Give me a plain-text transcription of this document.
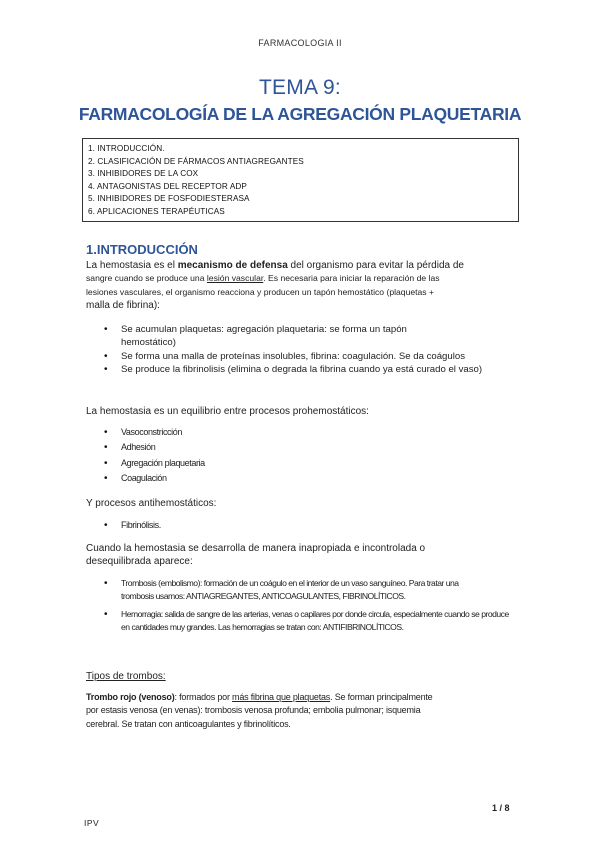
FARMACOLOGIA II
TEMA 9:
FARMACOLOGÍA DE LA AGREGACIÓN PLAQUETARIA
1. INTRODUCCIÓN.
2. CLASIFICACIÓN DE FÁRMACOS ANTIAGREGANTES
3. INHIBIDORES DE LA COX
4. ANTAGONISTAS DEL RECEPTOR ADP
5. INHIBIDORES DE FOSFODIESTERASA
6. APLICACIONES TERAPÉUTICAS
1.INTRODUCCIÓN
La hemostasia es el mecanismo de defensa del organismo para evitar la pérdida de
sangre cuando se produce una lesión vascular. Es necesaria para iniciar la reparación de las
lesiones vasculares, el organismo reacciona y producen un tapón hemostático (plaquetas +
malla de fibrina):
• Se acumulan plaquetas: agregación plaquetaria: se forma un tapón hemostático)
• Se forma una malla de proteínas insolubles, fibrina: coagulación. Se da coágulos
• Se produce la fibrinolisis (elimina o degrada la fibrina cuando ya está curado el vaso)
La hemostasia es un equilibrio entre procesos prohemostáticos:
• Vasoconstricción
• Adhesión
• Agregación plaquetaria
• Coagulación
Y procesos antihemostáticos:
• Fibrinólisis.
Cuando la hemostasia se desarrolla de manera inapropiada e incontrolada o
desequilibrada aparece:
• Trombosis (embolismo): formación de un coágulo en el interior de un vaso sanguíneo. Para tratar una trombosis usamos: ANTIAGREGANTES, ANTICOAGULANTES, FIBRINOLÍTICOS.
• Hemorragia: salida de sangre de las arterias, venas o capilares por donde circula, especialmente cuando se produce en cantidades muy grandes. Las hemorragias se tratan con: ANTIFIBRINOLÍTICOS.
Tipos de trombos:
Trombo rojo (venoso): formados por más fibrina que plaquetas. Se forman principalmente
por estasis venosa (en venas): trombosis venosa profunda; embolia pulmonar; isquemia
cerebral. Se tratan con anticoagulantes y fibrinolíticos.
1 / 8
IPV
